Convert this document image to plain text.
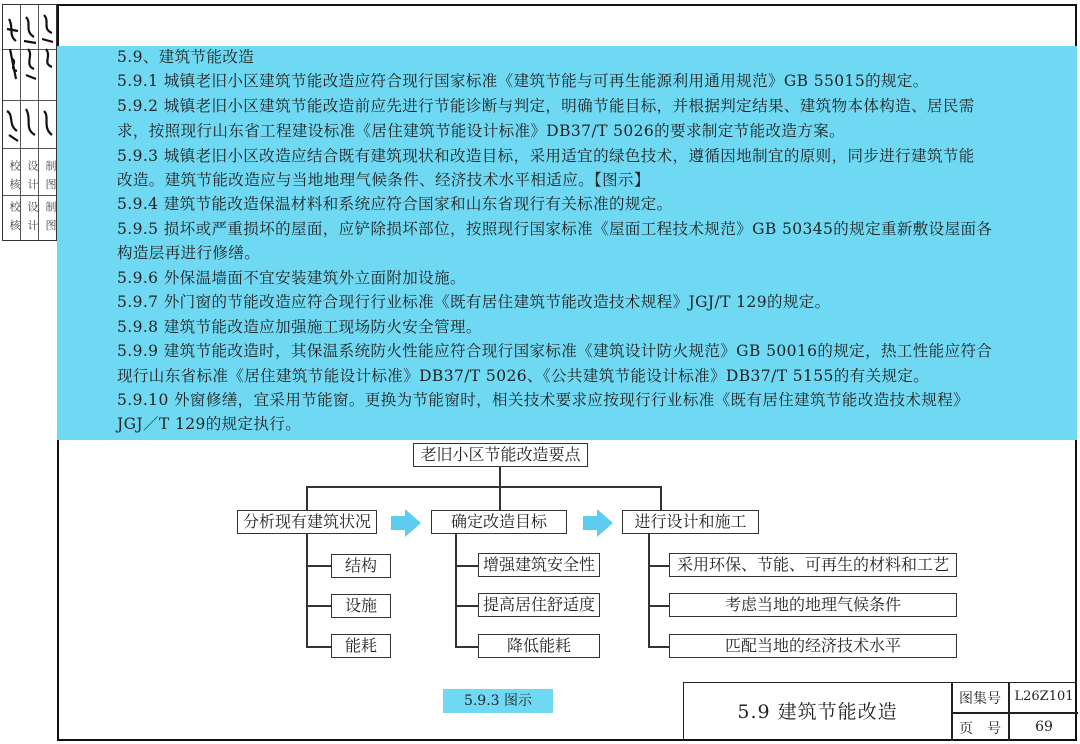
校 核 设 计 制 图
校 核 设 计 制 图
5.9、建筑节能改造
5.9.1 城镇老旧小区建筑节能改造应符合现行国家标准《建筑节能与可再生能源利用通用规范》GB 55015的规定。
5.9.2 城镇老旧小区建筑节能改造前应先进行节能诊断与判定，明确节能目标，并根据判定结果、建筑物本体构造、居民需
求，按照现行山东省工程建设标准《居住建筑节能设计标准》DB37/T 5026的要求制定节能改造方案。
5.9.3 城镇老旧小区改造应结合既有建筑现状和改造目标，采用适宜的绿色技术，遵循因地制宜的原则，同步进行建筑节能
改造。建筑节能改造应与当地地理气候条件、经济技术水平相适应。【图示】
5.9.4 建筑节能改造保温材料和系统应符合国家和山东省现行有关标准的规定。
5.9.5 损坏或严重损坏的屋面，应铲除损坏部位，按照现行国家标准《屋面工程技术规范》GB 50345的规定重新敷设屋面各
构造层再进行修缮。
5.9.6 外保温墙面不宜安装建筑外立面附加设施。
5.9.7 外门窗的节能改造应符合现行行业标准《既有居住建筑节能改造技术规程》JGJ/T 129的规定。
5.9.8 建筑节能改造应加强施工现场防火安全管理。
5.9.9 建筑节能改造时，其保温系统防火性能应符合现行国家标准《建筑设计防火规范》GB 50016的规定，热工性能应符合
现行山东省标准《居住建筑节能设计标准》DB37/T 5026、《公共建筑节能设计标准》DB37/T 5155的有关规定。
5.9.10 外窗修缮，宜采用节能窗。更换为节能窗时，相关技术要求应按现行行业标准《既有居住建筑节能改造技术规程》
JGJ／T 129的规定执行。
老旧小区节能改造要点
分析现有建筑状况	确定改造目标	进行设计和施工
结构
设施
能耗
增强建筑安全性
提高居住舒适度
降低能耗
采用环保、节能、可再生的材料和工艺
考虑当地的地理气候条件
匹配当地的经济技术水平
5.9.3 图示	5.9 建筑节能改造
图集号	L26Z101
页　号	69
